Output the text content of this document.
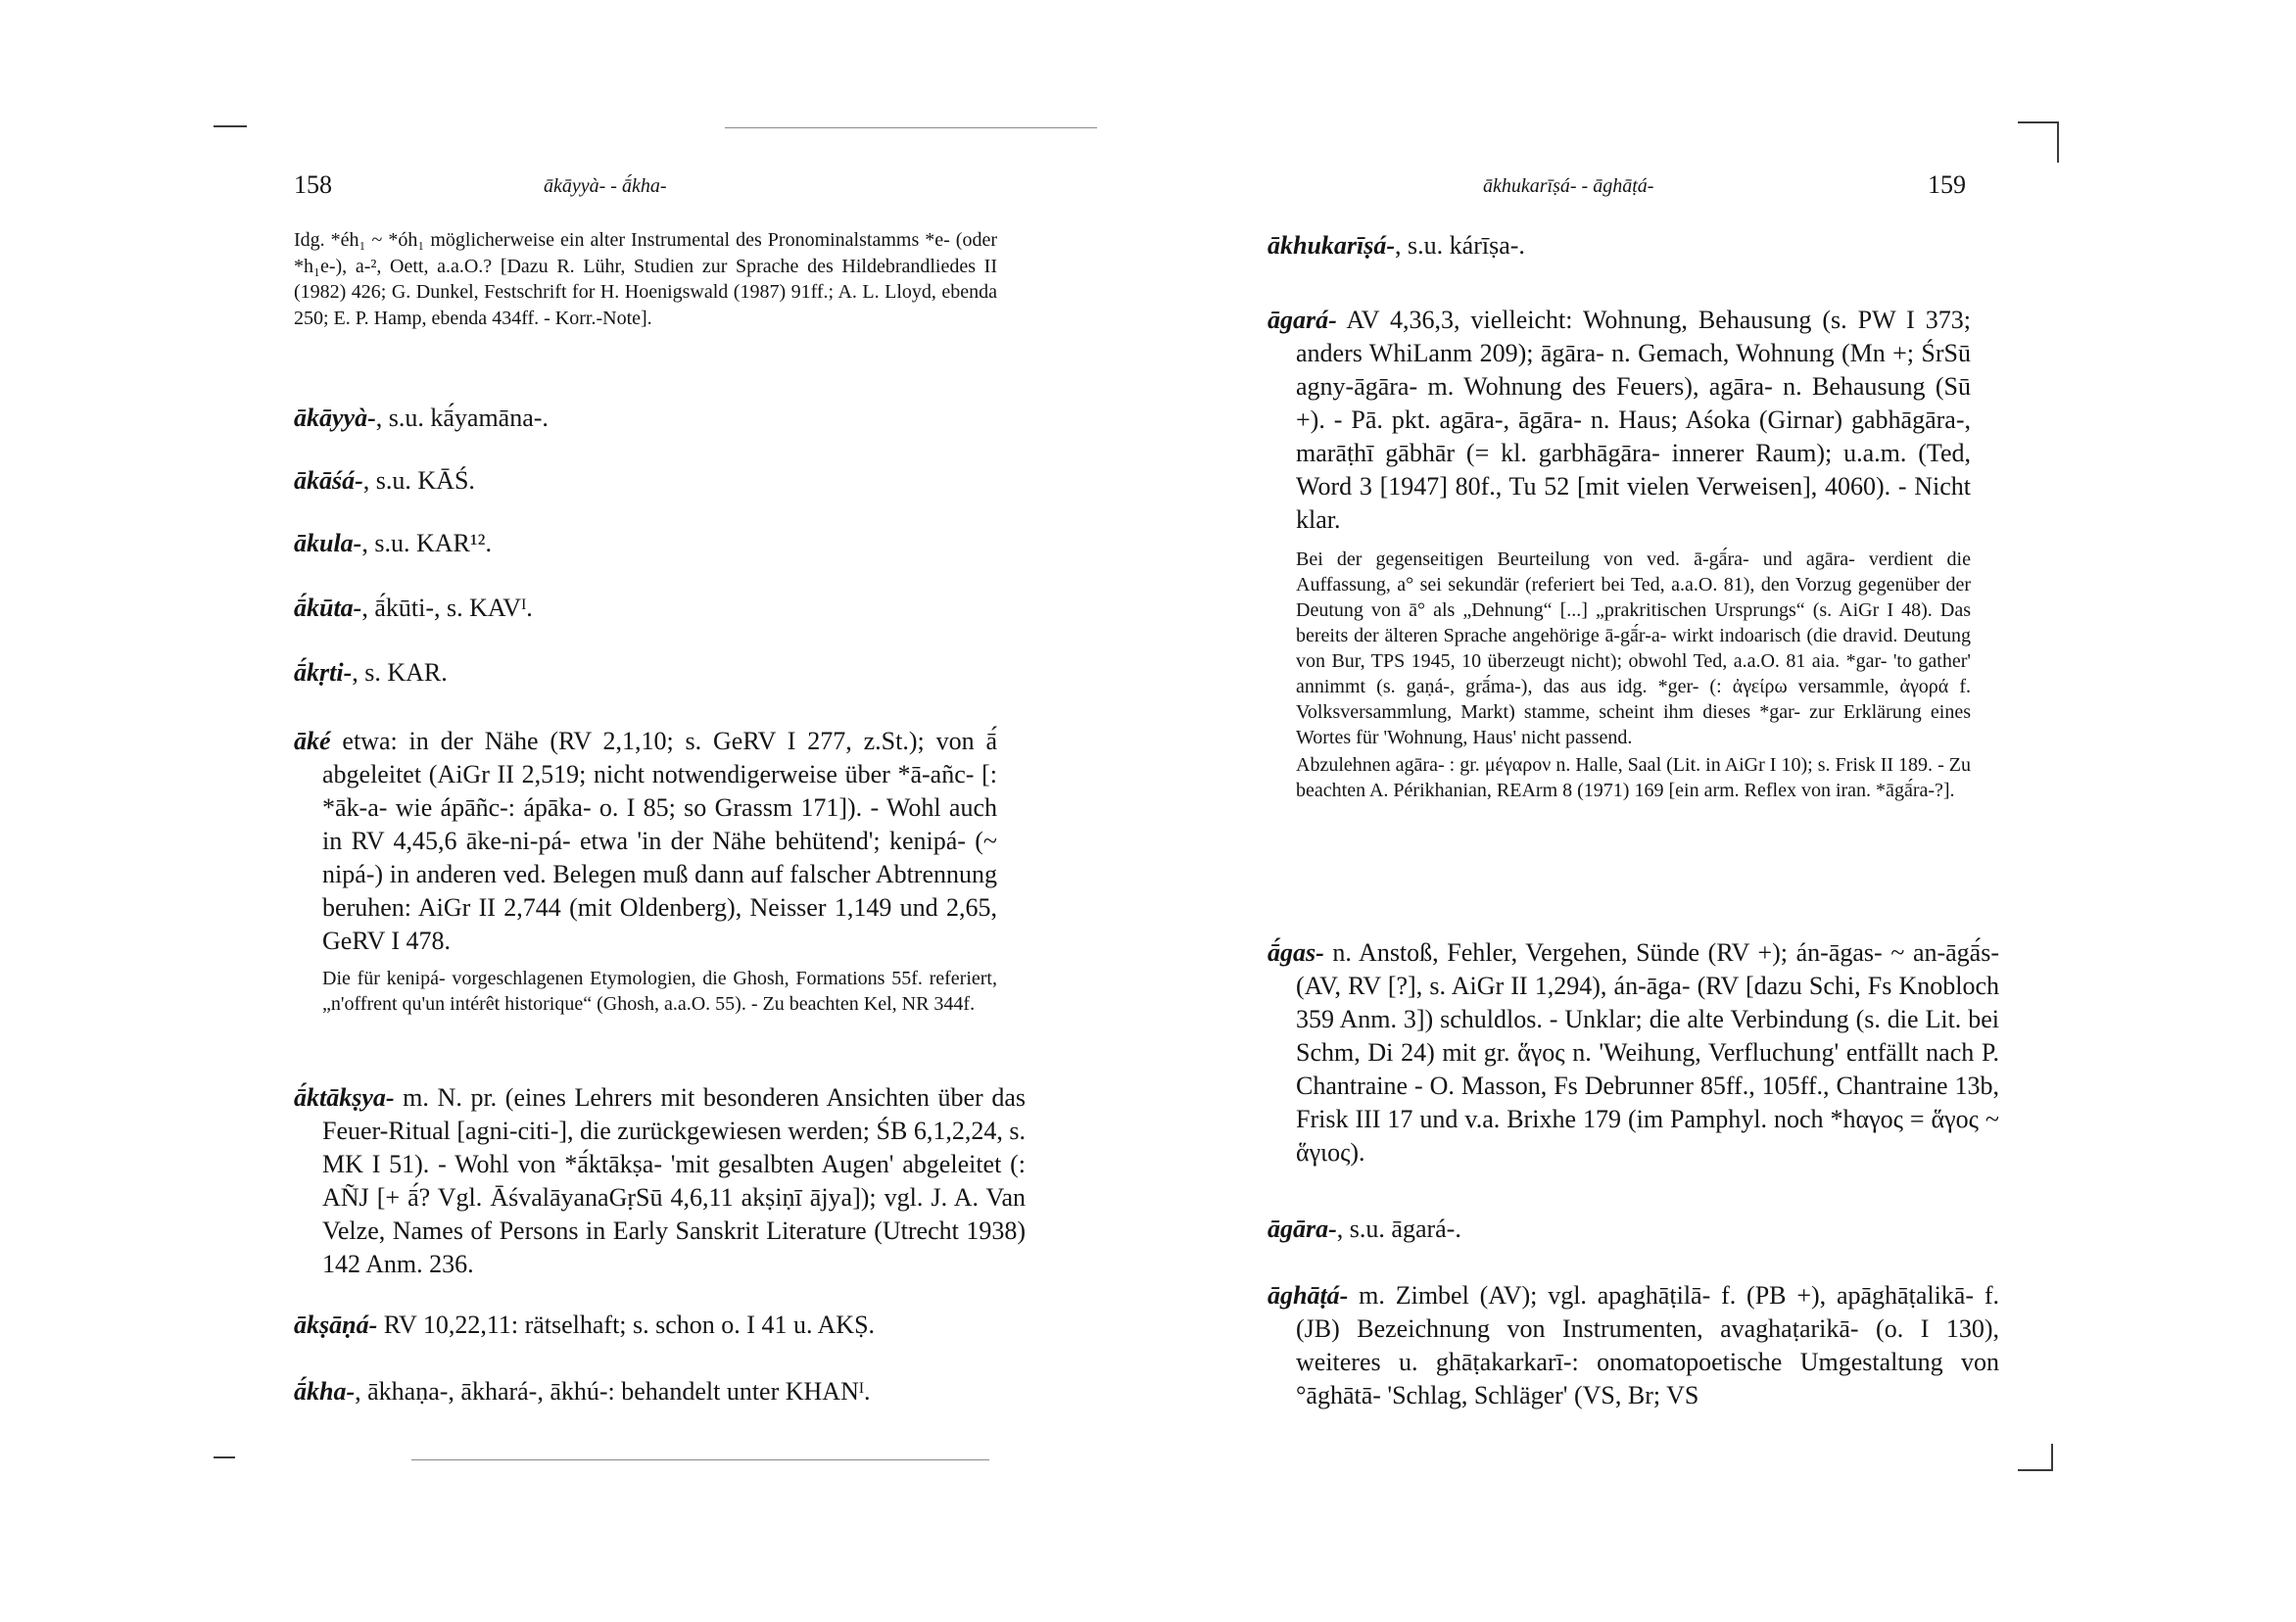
158	ākāyyà- - ā́kha-
Idg. *éh₁ ~ *óh₁ möglicherweise ein alter Instrumental des Pronominalstamms *e- (oder *h₁e-), a-², Oett, a.a.O.? [Dazu R. Lühr, Studien zur Sprache des Hildebrandliedes II (1982) 426; G. Dunkel, Festschrift for H. Hoenigswald (1987) 91ff.; A. L. Lloyd, ebenda 250; E. P. Hamp, ebenda 434ff. - Korr.-Note].
ākāyyà-, s.u. kā́yamāna-.
ākāśá-, s.u. KĀŚ.
ākula-, s.u. KAR¹².
ā́kūta-, ā́kūti-, s. KAVᴵ.
ā́kṛti-, s. KAR.
āké etwa: in der Nähe (RV 2,1,10; s. GeRV I 277, z.St.); von ā́ abgeleitet (AiGr II 2,519; nicht notwendigerweise über *ā-añc- [: *āk-a- wie ápāñc-: ápāka- o. I 85; so Grassm 171]). - Wohl auch in RV 4,45,6 āke-ni-pá- etwa 'in der Nähe behütend'; kenipá- (~ nipá-) in anderen ved. Belegen muß dann auf falscher Abtrennung beruhen: AiGr II 2,744 (mit Oldenberg), Neisser 1,149 und 2,65, GeRV I 478.
Die für kenipá- vorgeschlagenen Etymologien, die Ghosh, Formations 55f. referiert, „n'offrent qu'un intérêt historique“ (Ghosh, a.a.O. 55). - Zu beachten Kel, NR 344f.
ā́ktākṣya- m. N. pr. (eines Lehrers mit besonderen Ansichten über das Feuer-Ritual [agni-citi-], die zurückgewiesen werden; ŚB 6,1,2,24, s. MK I 51). - Wohl von *ā́ktākṣa- 'mit gesalbten Augen' abgeleitet (: AÑJ [+ ā́? Vgl. ĀśvalāyanaGṛSū 4,6,11 akṣiṇī ājya]); vgl. J. A. Van Velze, Names of Persons in Early Sanskrit Literature (Utrecht 1938) 142 Anm. 236.
ākṣāṇá- RV 10,22,11: rätselhaft; s. schon o. I 41 u. AKṢ.
ā́kha-, ākhaṇa-, ākhará-, ākhú-: behandelt unter KHANᴵ.
ākhukarīṣá- - āghāṭá-	159
ākhukarīṣá-, s.u. kárīṣa-.
āgará- AV 4,36,3, vielleicht: Wohnung, Behausung (s. PW I 373; anders WhiLanm 209); āgāra- n. Gemach, Wohnung (Mn +; ŚrSū agny-āgāra- m. Wohnung des Feuers), agāra- n. Behausung (Sū +). - Pā. pkt. agāra-, āgāra- n. Haus; Aśoka (Girnar) gabhāgāra-, marāṭhī gābhār (= kl. garbhāgāra- innerer Raum); u.a.m. (Ted, Word 3 [1947] 80f., Tu 52 [mit vielen Verweisen], 4060). - Nicht klar.
Bei der gegenseitigen Beurteilung von ved. ā-gā́ra- und agāra- verdient die Auffassung, a° sei sekundär (referiert bei Ted, a.a.O. 81), den Vorzug gegenüber der Deutung von ā° als „Dehnung“ [...] „prakritischen Ursprungs“ (s. AiGr I 48). Das bereits der älteren Sprache angehörige ā-gā́r-a- wirkt indoarisch (die dravid. Deutung von Bur, TPS 1945, 10 überzeugt nicht); obwohl Ted, a.a.O. 81 aia. *gar- 'to gather' annimmt (s. gaṇá-, grā́ma-), das aus idg. *ger- (: ἀγείρω versammle, ἀγορά f. Volksversammlung, Markt) stamme, scheint ihm dieses *gar- zur Erklärung eines Wortes für 'Wohnung, Haus' nicht passend.
Abzulehnen agāra- : gr. μέγαρον n. Halle, Saal (Lit. in AiGr I 10); s. Frisk II 189. - Zu beachten A. Périkhanian, REArm 8 (1971) 169 [ein arm. Reflex von iran. *āgā́ra-?].
ā́gas- n. Anstoß, Fehler, Vergehen, Sünde (RV +); án-āgas- ~ an-āgā́s- (AV, RV [?], s. AiGr II 1,294), án-āga- (RV [dazu Schi, Fs Knobloch 359 Anm. 3]) schuldlos. - Unklar; die alte Verbindung (s. die Lit. bei Schm, Di 24) mit gr. ἅγος n. 'Weihung, Verfluchung' entfällt nach P. Chantraine - O. Masson, Fs Debrunner 85ff., 105ff., Chantraine 13b, Frisk III 17 und v.a. Brixhe 179 (im Pamphyl. noch *hαγος = ἅγος ~ ἅγιος).
āgāra-, s.u. āgará-.
āghāṭá- m. Zimbel (AV); vgl. apaghāṭilā- f. (PB +), apāghāṭalikā- f. (JB) Bezeichnung von Instrumenten, avaghaṭarikā- (o. I 130), weiteres u. ghāṭakarkarī-: onomatopoetische Umgestaltung von °āghātā- 'Schlag, Schläger' (VS, Br; VS
